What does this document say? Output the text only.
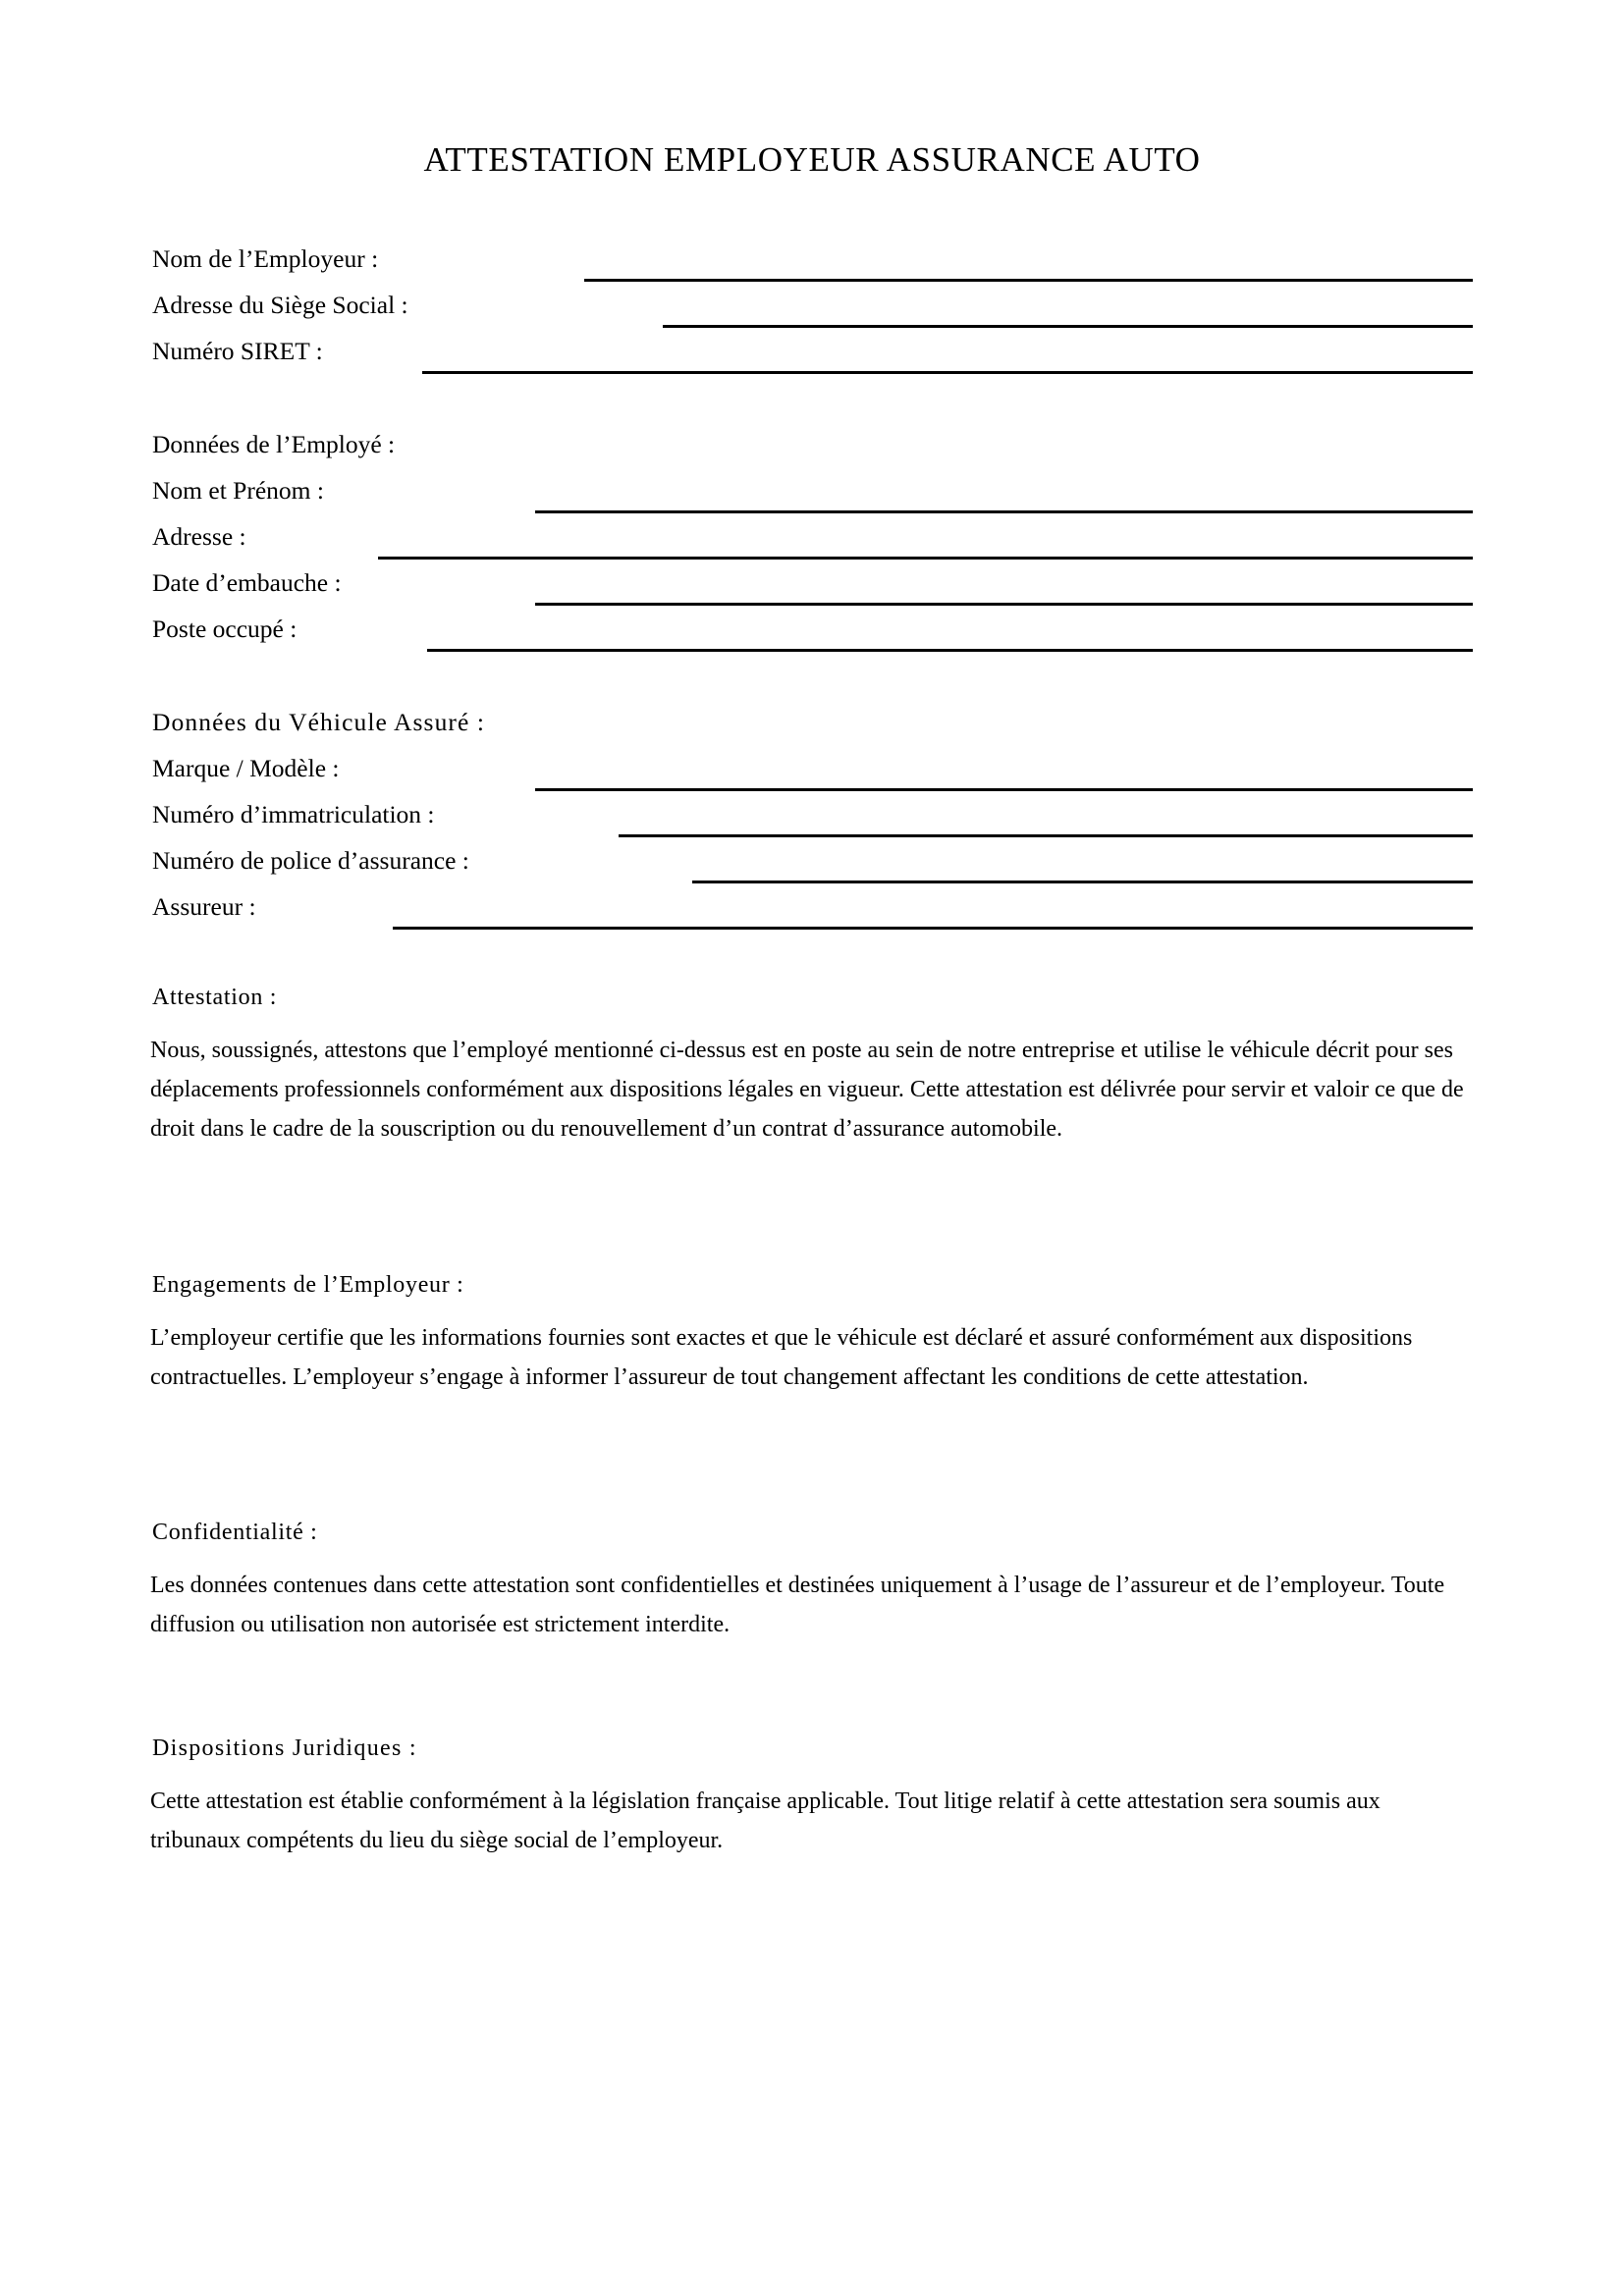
ATTESTATION EMPLOYEUR ASSURANCE AUTO
Nom de l’Employeur :
Adresse du Siège Social :
Numéro SIRET :
Données de l’Employé :
Nom et Prénom :
Adresse :
Date d’embauche :
Poste occupé :
Données du Véhicule Assuré :
Marque / Modèle :
Numéro d’immatriculation :
Numéro de police d’assurance :
Assureur :
Attestation :

Nous, soussignés, attestons que l’employé mentionné ci-dessus est en poste au sein de notre entreprise et utilise le véhicule décrit pour ses déplacements professionnels conformément aux dispositions légales en vigueur. Cette attestation est délivrée pour servir et valoir ce que de droit dans le cadre de la souscription ou du renouvellement d’un contrat d’assurance automobile.

Engagements de l’Employeur :

L’employeur certifie que les informations fournies sont exactes et que le véhicule est déclaré et assuré conformément aux dispositions contractuelles. L’employeur s’engage à informer l’assureur de tout changement affectant les conditions de cette attestation.

Confidentialité :

Les données contenues dans cette attestation sont confidentielles et destinées uniquement à l’usage de l’assureur et de l’employeur. Toute diffusion ou utilisation non autorisée est strictement interdite.

Dispositions Juridiques :

Cette attestation est établie conformément à la législation française applicable. Tout litige relatif à cette attestation sera soumis aux tribunaux compétents du lieu du siège social de l’employeur.
